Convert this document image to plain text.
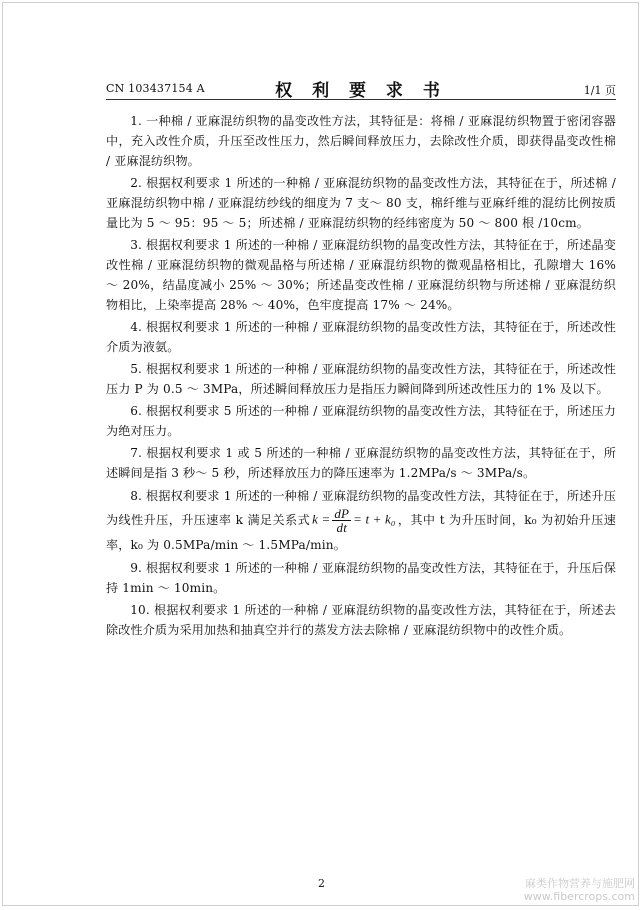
CN 103437154 A	权 利 要 求 书	1/1 页

1. 一种棉 / 亚麻混纺织物的晶变改性方法，其特征是：将棉 / 亚麻混纺织物置于密闭容器中，充入改性介质，升压至改性压力，然后瞬间释放压力，去除改性介质，即获得晶变改性棉 / 亚麻混纺织物。

2. 根据权利要求 1 所述的一种棉 / 亚麻混纺织物的晶变改性方法，其特征在于，所述棉 / 亚麻混纺织物中棉 / 亚麻混纺纱线的细度为 7 支～ 80 支，棉纤维与亚麻纤维的混纺比例按质量比为 5 ～ 95：95 ～ 5；所述棉 / 亚麻混纺织物的经纬密度为 50 ～ 800 根 /10cm。

3. 根据权利要求 1 所述的一种棉 / 亚麻混纺织物的晶变改性方法，其特征在于，所述晶变改性棉 / 亚麻混纺织物的微观晶格与所述棉 / 亚麻混纺织物的微观晶格相比，孔隙增大 16% ～ 20%，结晶度减小 25% ～ 30%；所述晶变改性棉 / 亚麻混纺织物与所述棉 / 亚麻混纺织物相比，上染率提高 28% ～ 40%，色牢度提高 17% ～ 24%。

4. 根据权利要求 1 所述的一种棉 / 亚麻混纺织物的晶变改性方法，其特征在于，所述改性介质为液氨。

5. 根据权利要求 1 所述的一种棉 / 亚麻混纺织物的晶变改性方法，其特征在于，所述改性压力 P 为 0.5 ～ 3MPa，所述瞬间释放压力是指压力瞬间降到所述改性压力的 1% 及以下。

6. 根据权利要求 5 所述的一种棉 / 亚麻混纺织物的晶变改性方法，其特征在于，所述压力为绝对压力。

7. 根据权利要求 1 或 5 所述的一种棉 / 亚麻混纺织物的晶变改性方法，其特征在于，所述瞬间是指 3 秒～ 5 秒，所述释放压力的降压速率为 1.2MPa/s ～ 3MPa/s。

8. 根据权利要求 1 所述的一种棉 / 亚麻混纺织物的晶变改性方法，其特征在于，所述升压为线性升压，升压速率 k 满足关系式 $k = \frac{dP}{dt} = t + k_0$ ，其中 t 为升压时间，k₀ 为初始升压速率，k₀ 为 0.5MPa/min ～ 1.5MPa/min。

9. 根据权利要求 1 所述的一种棉 / 亚麻混纺织物的晶变改性方法，其特征在于，升压后保持 1min ～ 10min。

10. 根据权利要求 1 所述的一种棉 / 亚麻混纺织物的晶变改性方法，其特征在于，所述去除改性介质为采用加热和抽真空并行的蒸发方法去除棉 / 亚麻混纺织物中的改性介质。

2	麻类作物营养与施肥网
www.fibercrops.com
